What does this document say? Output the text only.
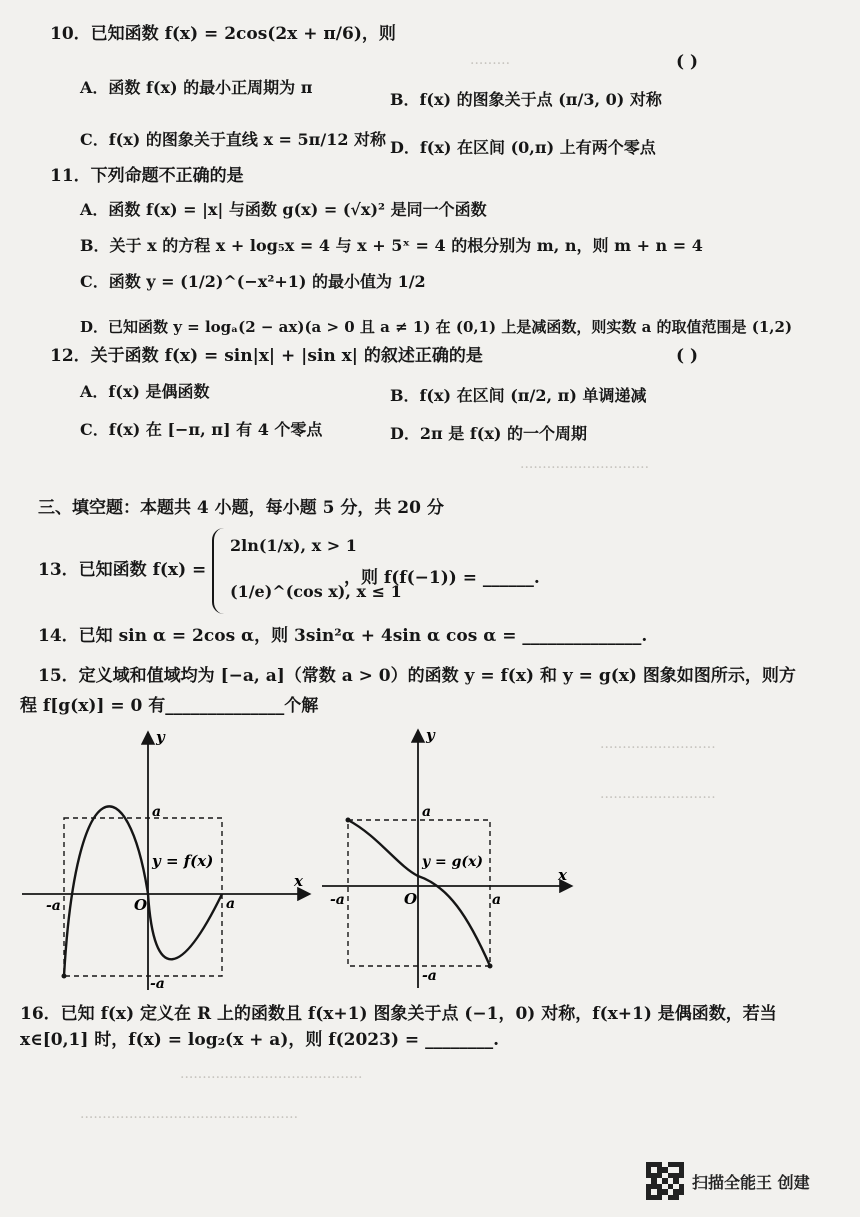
·········
10．已知函数 f(x) = 2cos(2x + π/6)，则
( )
A．函数 f(x) 的最小正周期为 π
B．f(x) 的图象关于点 (π/3, 0) 对称
C．f(x) 的图象关于直线 x = 5π/12 对称 D．f(x) 在区间 (0,π) 上有两个零点
11．下列命题不正确的是
A．函数 f(x) = |x| 与函数 g(x) = (√x)² 是同一个函数
B．关于 x 的方程 x + log₅x = 4 与 x + 5ˣ = 4 的根分别为 m, n，则 m + n = 4
C．函数 y = (1/2)^(−x²+1) 的最小值为 1/2
D．已知函数 y = logₐ(2 − ax)(a > 0 且 a ≠ 1) 在 (0,1) 上是减函数，则实数 a 的取值范围是 (1,2)
12．关于函数 f(x) = sin|x| + |sin x| 的叙述正确的是	( )
A．f(x) 是偶函数	B．f(x) 在区间 (π/2, π) 单调递减
C．f(x) 在 [−π, π] 有 4 个零点	D．2π 是 f(x) 的一个周期
·····························
三、填空题：本题共 4 小题，每小题 5 分，共 20 分
13．已知函数 f(x) =
2ln(1/x), x > 1
(1/e)^(cos x), x ≤ 1
，则 f(f(−1)) = ______.
14．已知 sin α = 2cos α，则 3sin²α + 4sin α cos α = ______________.
15．定义域和值域均为 [−a, a]（常数 a > 0）的函数 y = f(x) 和 y = g(x) 图象如图所示，则方
程 f[g(x)] = 0 有______________个解
x
y
O
a
a
-a
-a
y = f(x)
x
y
O
a
a
-a
-a
y = g(x)
··························
··························
16．已知 f(x) 定义在 R 上的函数且 f(x+1) 图象关于点 (−1，0) 对称，f(x+1) 是偶函数，若当
x∈[0,1] 时，f(x) = log₂(x + a)，则 f(2023) = ________.
·········································
·················································
扫描全能王 创建
